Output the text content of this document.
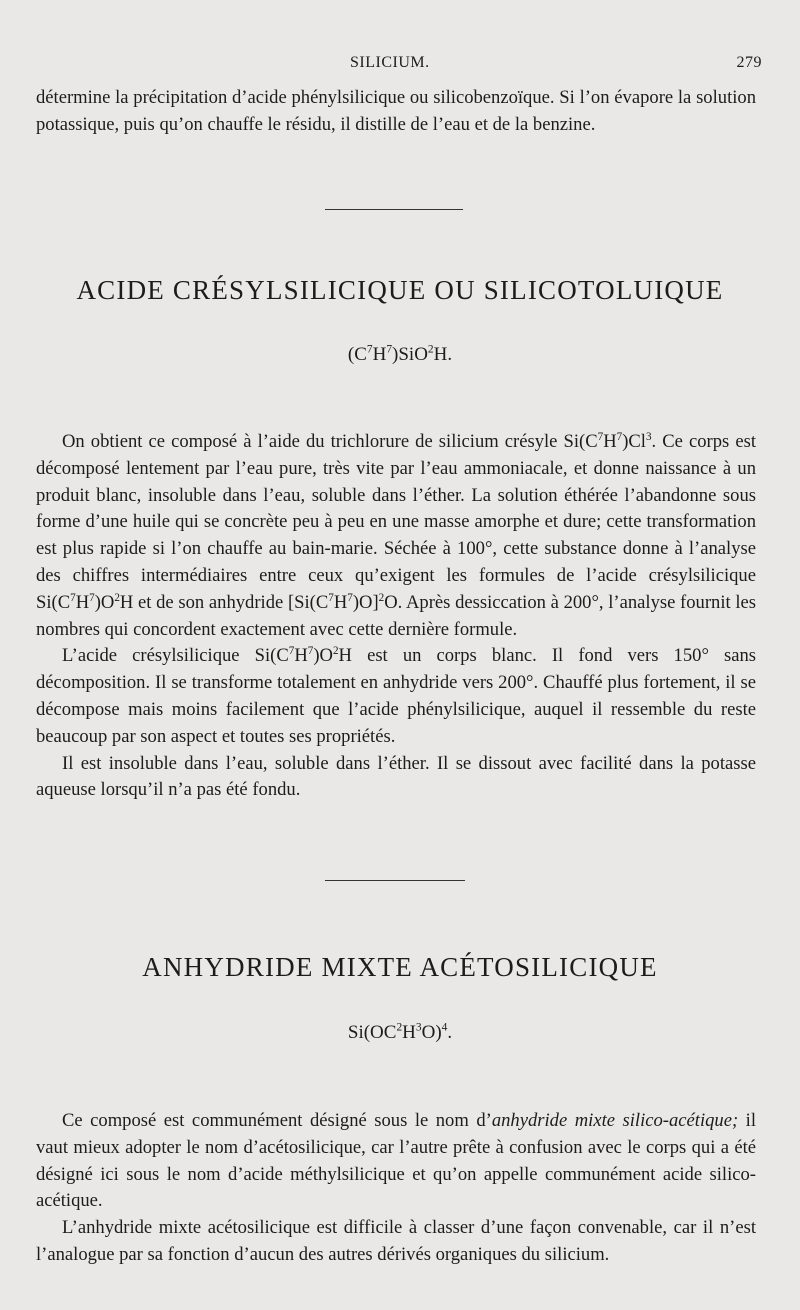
SILICIUM.	279

détermine la précipitation d’acide phénylsilicique ou silicobenzoïque. Si l’on évapore la solution potassique, puis qu’on chauffe le résidu, il distille de l’eau et de la benzine.

ACIDE CRÉSYLSILICIQUE OU SILICOTOLUIQUE
$(C^7H^7)SiO^2H$.

On obtient ce composé à l’aide du trichlorure de silicium crésyle $Si(C^7H^7)Cl^3$. Ce corps est décomposé lentement par l’eau pure, très vite par l’eau ammoniacale, et donne naissance à un produit blanc, insoluble dans l’eau, soluble dans l’éther. La solution éthérée l’abandonne sous forme d’une huile qui se concrète peu à peu en une masse amorphe et dure; cette transformation est plus rapide si l’on chauffe au bain-marie. Séchée à 100°, cette substance donne à l’analyse des chiffres intermédiaires entre ceux qu’exigent les formules de l’acide crésylsilicique $Si(C^7H^7)O^2H$ et de son anhydride $[Si(C^7H^7)O]^2O$. Après dessiccation à 200°, l’analyse fournit les nombres qui concordent exactement avec cette dernière formule.

L’acide crésylsilicique $Si(C^7H^7)O^2H$ est un corps blanc. Il fond vers 150° sans décomposition. Il se transforme totalement en anhydride vers 200°. Chauffé plus fortement, il se décompose mais moins facilement que l’acide phénylsilicique, auquel il ressemble du reste beaucoup par son aspect et toutes ses propriétés.

Il est insoluble dans l’eau, soluble dans l’éther. Il se dissout avec facilité dans la potasse aqueuse lorsqu’il n’a pas été fondu.

ANHYDRIDE MIXTE ACÉTOSILICIQUE
$Si(OC^2H^3O)^4$.

Ce composé est communément désigné sous le nom d’anhydride mixte silico-acétique; il vaut mieux adopter le nom d’acétosilicique, car l’autre prête à confusion avec le corps qui a été désigné ici sous le nom d’acide méthylsilicique et qu’on appelle communément acide silico-acétique.

L’anhydride mixte acétosilicique est difficile à classer d’une façon convenable, car il n’est l’analogue par sa fonction d’aucun des autres dérivés organiques du silicium.
